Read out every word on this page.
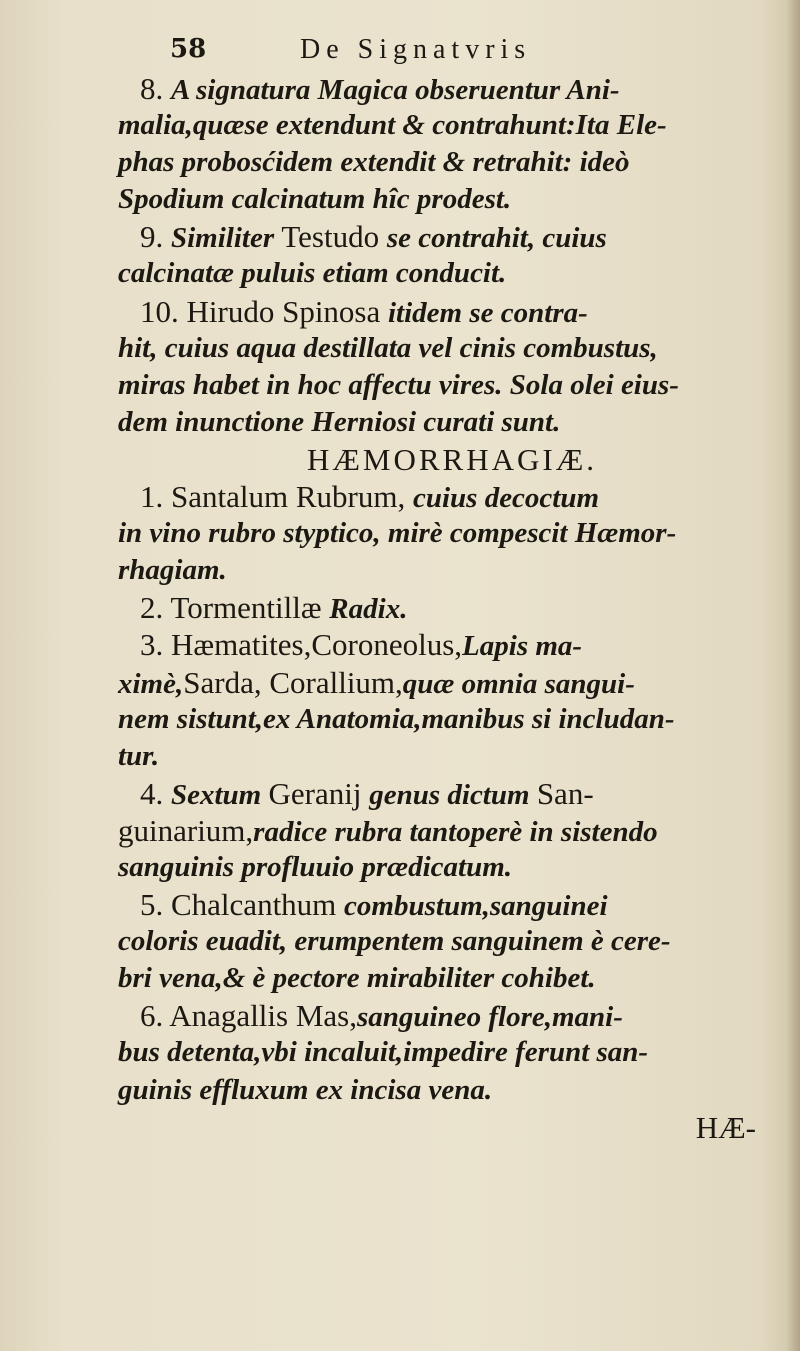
58	De Signatvris
8. A signatura Magica obseruentur Ani-
malia,quæse extendunt & contrahunt:Ita Ele-
phas probosćidem extendit & retrahit: ideò
Spodium calcinatum hîc prodest.
9. Similiter Testudo se contrahit, cuius
calcinatæ puluis etiam conducit.
10. Hirudo Spinosa itidem se contra-
hit, cuius aqua destillata vel cinis combustus,
miras habet in hoc affectu vires. Sola olei eius-
dem inunctione Herniosi curati sunt.
HÆMORRHAGIÆ.
1. Santalum Rubrum, cuius decoctum
in vino rubro styptico, mirè compescit Hæmor-
rhagiam.
2. Tormentillæ Radix.
3. Hæmatites,Coroneolus,Lapis ma-
ximè,Sarda, Corallium,quæ omnia sangui-
nem sistunt,ex Anatomia,manibus si includan-
tur.
4. Sextum Geranij genus dictum San-
guinarium,radice rubra tantoperè in sistendo
sanguinis profluuio prædicatum.
5. Chalcanthum combustum,sanguinei
coloris euadit, erumpentem sanguinem è cere-
bri vena,& è pectore mirabiliter cohibet.
6. Anagallis Mas,sanguineo flore,mani-
bus detenta,vbi incaluit,impedire ferunt san-
guinis effluxum ex incisa vena.
HÆ-
